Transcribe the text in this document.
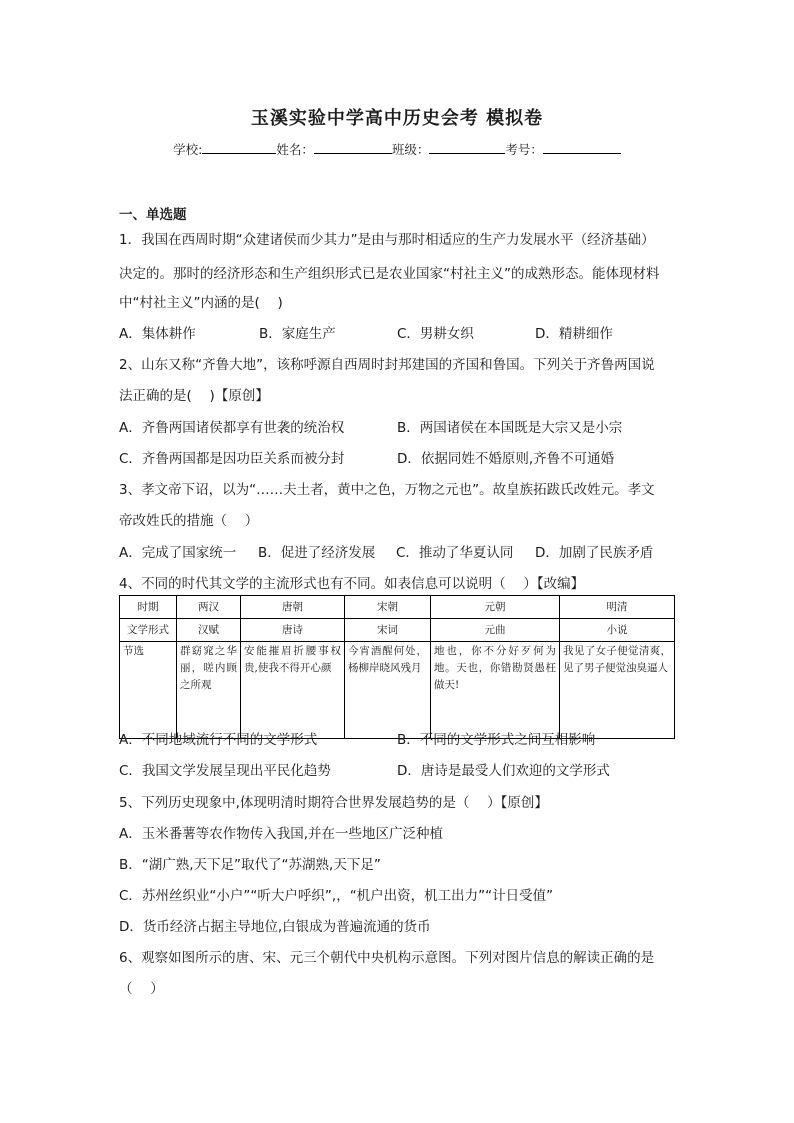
玉溪实验中学高中历史会考 模拟卷
学校:	姓名：	班级：	考号：
一、单选题
1．我国在西周时期“众建诸侯而少其力”是由与那时相适应的生产力发展水平（经济基础）
决定的。那时的经济形态和生产组织形式已是农业国家“村社主义”的成熟形态。能体现材料
中“村社主义”内涵的是(　 )
A．集体耕作	B．家庭生产	C．男耕女织	D．精耕细作
2、山东又称“齐鲁大地”，该称呼源自西周时封邦建国的齐国和鲁国。下列关于齐鲁两国说
法正确的是(　 )【原创】
A．齐鲁两国诸侯都享有世袭的统治权	B．两国诸侯在本国既是大宗又是小宗
C．齐鲁两国都是因功臣关系而被分封	D．依据同姓不婚原则,齐鲁不可通婚
3、孝文帝下诏，以为“……夫土者，黄中之色，万物之元也”。故皇族拓跋氏改姓元。孝文
帝改姓氏的措施（　 ）
A．完成了国家统一 B．促进了经济发展 C．推动了华夏认同 D．加剧了民族矛盾
4、不同的时代其文学的主流形式也有不同。如表信息可以说明（　 ）【改编】
时期	两汉	唐朝	宋朝	元朝	明清
文学形式	汉赋	唐诗	宋词	元曲	小说
节选	群窈窕之华丽，嗟内顾之所观	安能摧眉折腰事权贵,使我不得开心颜	今宵酒醒何处，杨柳岸晓风残月	地也，你不分好歹何为地。天也，你错勘贤愚枉做天!	我见了女子便觉清爽，见了男子便觉浊臭逼人
A．不同地域流行不同的文学形式	B．不同的文学形式之间互相影响
C．我国文学发展呈现出平民化趋势	D．唐诗是最受人们欢迎的文学形式
5、下列历史现象中,体现明清时期符合世界发展趋势的是（　 ）【原创】
A．玉米番薯等农作物传入我国,并在一些地区广泛种植
B．“湖广熟,天下足”取代了“苏湖熟,天下足”
C．苏州丝织业“小户”“听大户呼织”,，“机户出资，机工出力”“计日受值”
D．货币经济占据主导地位,白银成为普遍流通的货币
6、观察如图所示的唐、宋、元三个朝代中央机构示意图。下列对图片信息的解读正确的是
（　 ）
